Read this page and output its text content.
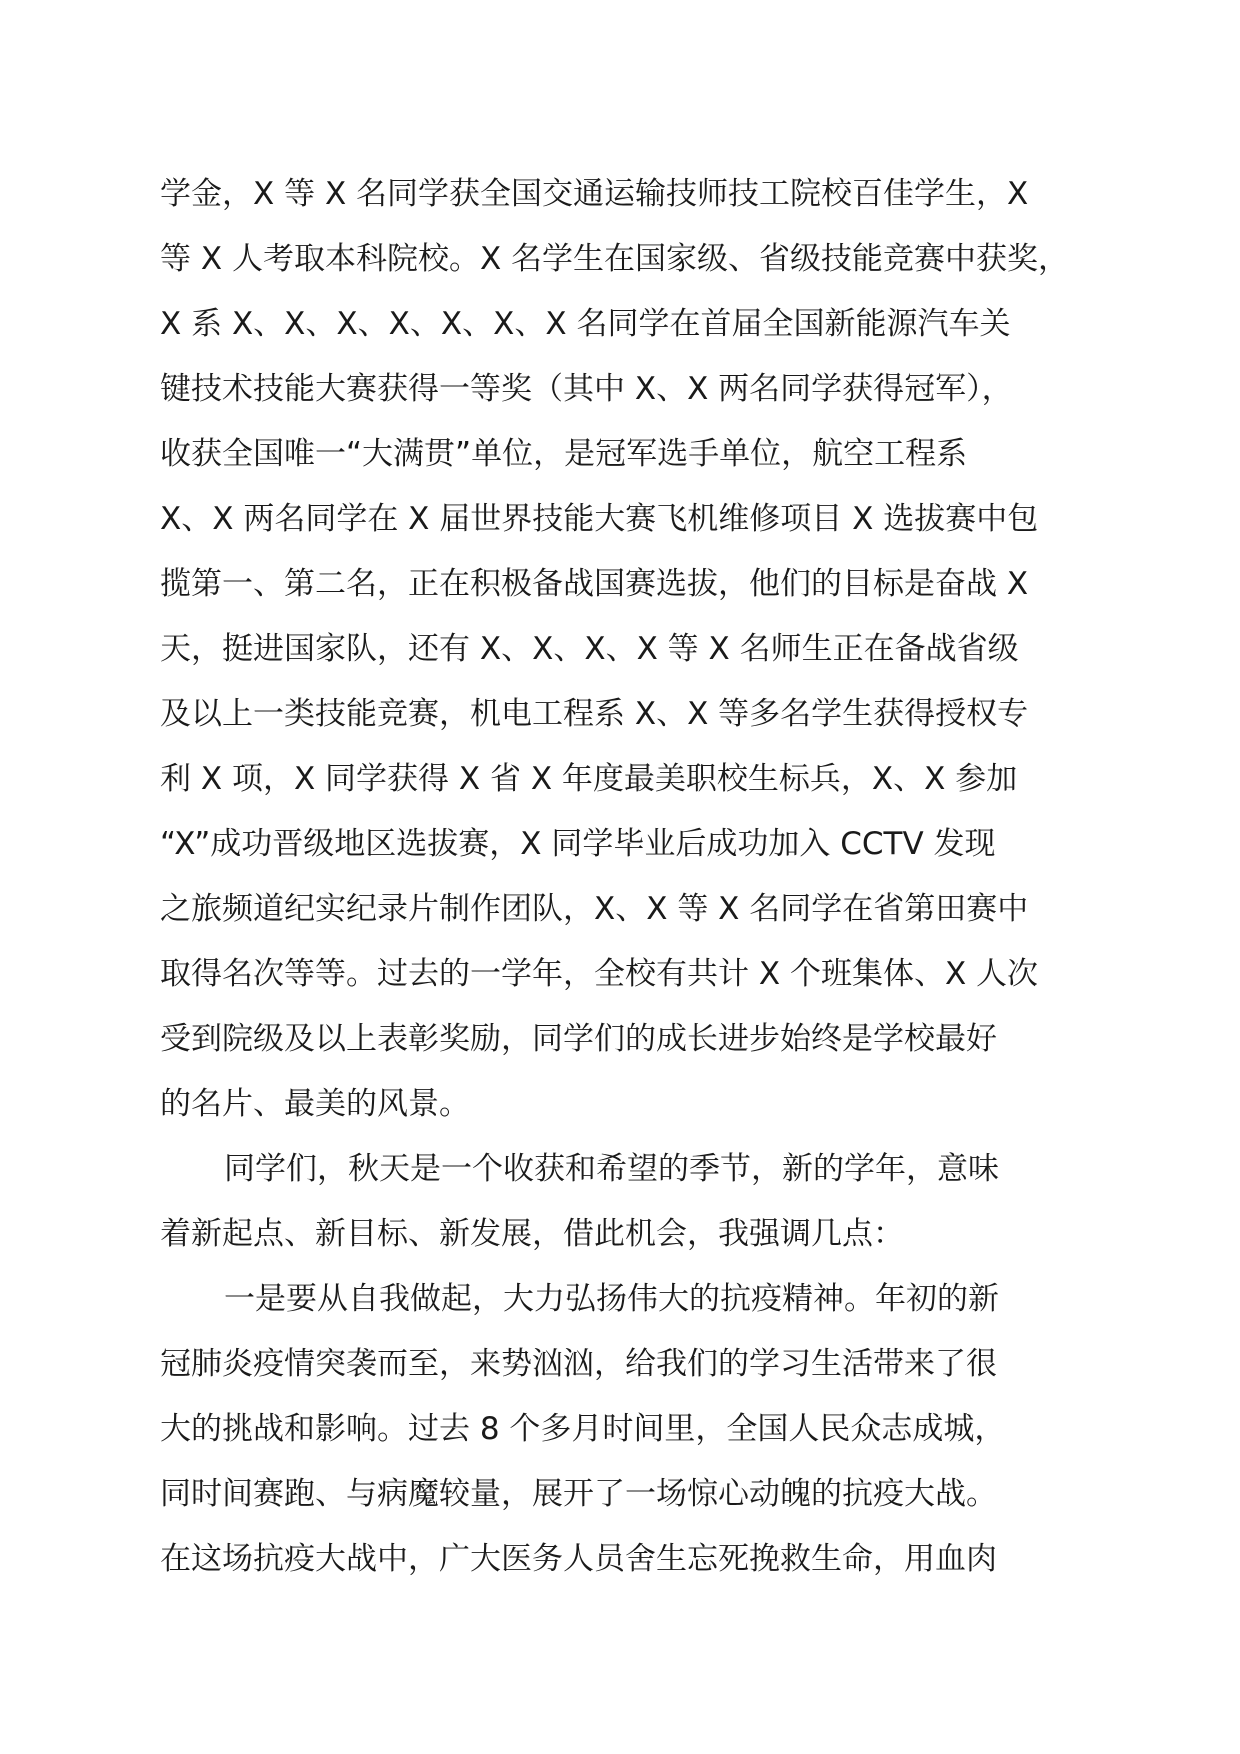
学金，X 等 X 名同学获全国交通运输技师技工院校百佳学生，X
等 X 人考取本科院校。X 名学生在国家级、省级技能竞赛中获奖，
X 系 X、X、X、X、X、X、X 名同学在首届全国新能源汽车关
键技术技能大赛获得一等奖（其中 X、X 两名同学获得冠军），
收获全国唯一“大满贯”单位，是冠军选手单位，航空工程系
X、X 两名同学在 X 届世界技能大赛飞机维修项目 X 选拔赛中包
揽第一、第二名，正在积极备战国赛选拔，他们的目标是奋战 X
天，挺进国家队，还有 X、X、X、X 等 X 名师生正在备战省级
及以上一类技能竞赛，机电工程系 X、X 等多名学生获得授权专
利 X 项，X 同学获得 X 省 X 年度最美职校生标兵，X、X 参加
“X”成功晋级地区选拔赛，X 同学毕业后成功加入 CCTV 发现
之旅频道纪实纪录片制作团队，X、X 等 X 名同学在省第田赛中
取得名次等等。过去的一学年，全校有共计 X 个班集体、X 人次
受到院级及以上表彰奖励，同学们的成长进步始终是学校最好
的名片、最美的风景。
同学们，秋天是一个收获和希望的季节，新的学年，意味
着新起点、新目标、新发展，借此机会，我强调几点：
一是要从自我做起，大力弘扬伟大的抗疫精神。年初的新
冠肺炎疫情突袭而至，来势汹汹，给我们的学习生活带来了很
大的挑战和影响。过去 8 个多月时间里，全国人民众志成城，
同时间赛跑、与病魔较量，展开了一场惊心动魄的抗疫大战。
在这场抗疫大战中，广大医务人员舍生忘死挽救生命，用血肉
